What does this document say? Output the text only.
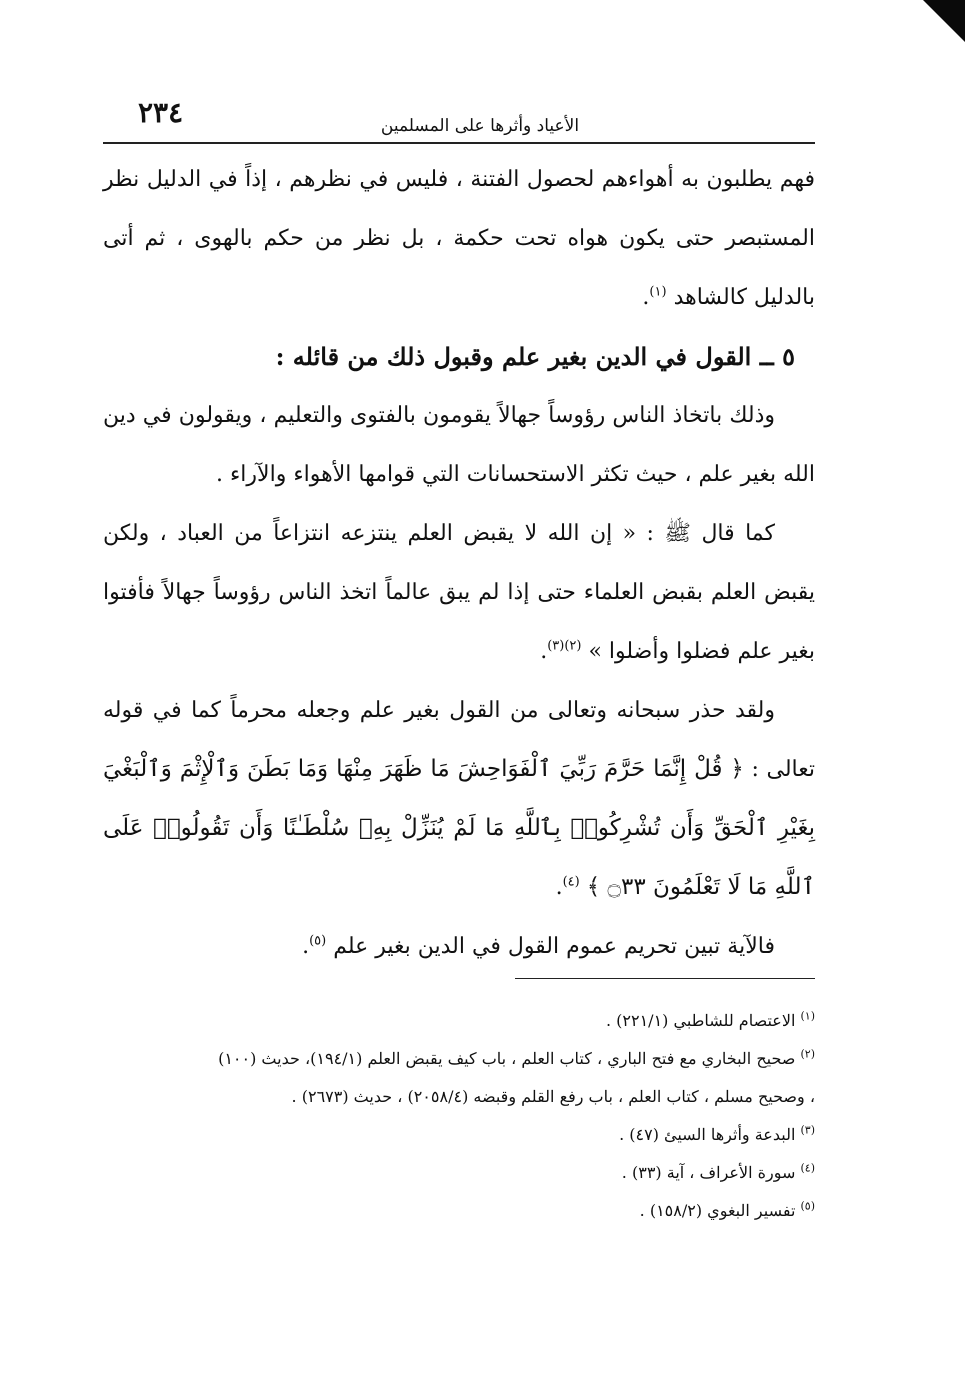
٢٣٤	الأعياد وأثرها على المسلمين

فهم يطلبون به أهواءهم لحصول الفتنة ، فليس في نظرهم ، إذاً في الدليل نظر المستبصر حتى يكون هواه تحت حكمة ، بل نظر من حكم بالهوى ، ثم أتى بالدليل كالشاهد $^{(١)}$.

٥ ــ القول في الدين بغير علم وقبول ذلك من قائله :

وذلك باتخاذ الناس رؤوساً جهالاً يقومون بالفتوى والتعليم ، ويقولون في دين الله بغير علم ، حيث تكثر الاستحسانات التي قوامها الأهواء والآراء .

كما قال ﷺ : « إن الله لا يقبض العلم ينتزعه انتزاعاً من العباد ، ولكن يقبض العلم بقبض العلماء حتى إذا لم يبق عالماً اتخذ الناس رؤوساً جهالاً فأفتوا بغير علم فضلوا وأضلوا » $^{(٢)(٣)}$.

ولقد حذر سبحانه وتعالى من القول بغير علم وجعله محرماً كما في قوله تعالى : ﴿ قُلْ إِنَّمَا حَرَّمَ رَبِّيَ ٱلْفَوَاحِشَ مَا ظَهَرَ مِنْهَا وَمَا بَطَنَ وَٱلْإِثْمَ وَٱلْبَغْيَ بِغَيْرِ ٱلْحَقِّ وَأَن تُشْرِكُوا۟ بِٱللَّهِ مَا لَمْ يُنَزِّلْ بِهِۦ سُلْطَـٰنًا وَأَن تَقُولُوا۟ عَلَى ٱللَّهِ مَا لَا تَعْلَمُونَ ۝٣٣ ﴾ $^{(٤)}$.

فالآية تبين تحريم عموم القول في الدين بغير علم $^{(٥)}$.

$^{(١)}$ الاعتصام للشاطبي (٢٢١/١) .

$^{(٢)}$ صحيح البخاري مع فتح الباري ، كتاب العلم ، باب كيف يقبض العلم (١٩٤/١)، حديث (١٠٠)

، وصحيح مسلم ، كتاب العلم ، باب رفع القلم وقبضه (٢٠٥٨/٤) ، حديث (٢٦٧٣) .

$^{(٣)}$ البدعة وأثرها السيئ (٤٧) .

$^{(٤)}$ سورة الأعراف ، آية (٣٣) .

$^{(٥)}$ تفسير البغوي (١٥٨/٢) .
